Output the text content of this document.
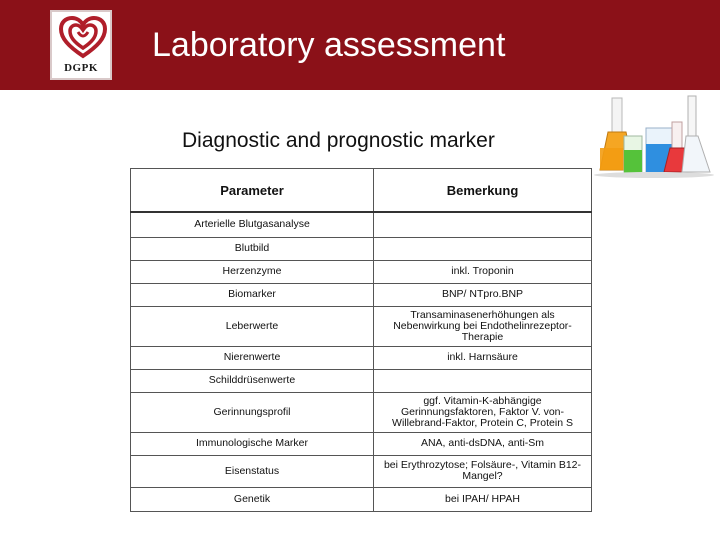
DGPK
Laboratory assessment
Diagnostic and prognostic marker
Parameter	Bemerkung
Arterielle Blutgasanalyse	
Blutbild	
Herzenzyme	inkl. Troponin
Biomarker	BNP/ NTpro.BNP
Leberwerte	Transaminasenerhöhungen als Nebenwirkung bei Endothelinrezeptor-Therapie
Nierenwerte	inkl. Harnsäure
Schilddrüsenwerte	
Gerinnungsprofil	ggf. Vitamin-K-abhängige Gerinnungsfaktoren, Faktor V. von-Willebrand-Faktor, Protein C, Protein S
Immunologische Marker	ANA, anti-dsDNA, anti-Sm
Eisenstatus	bei Erythrozytose; Folsäure-, Vitamin B12-Mangel?
Genetik	bei IPAH/ HPAH
